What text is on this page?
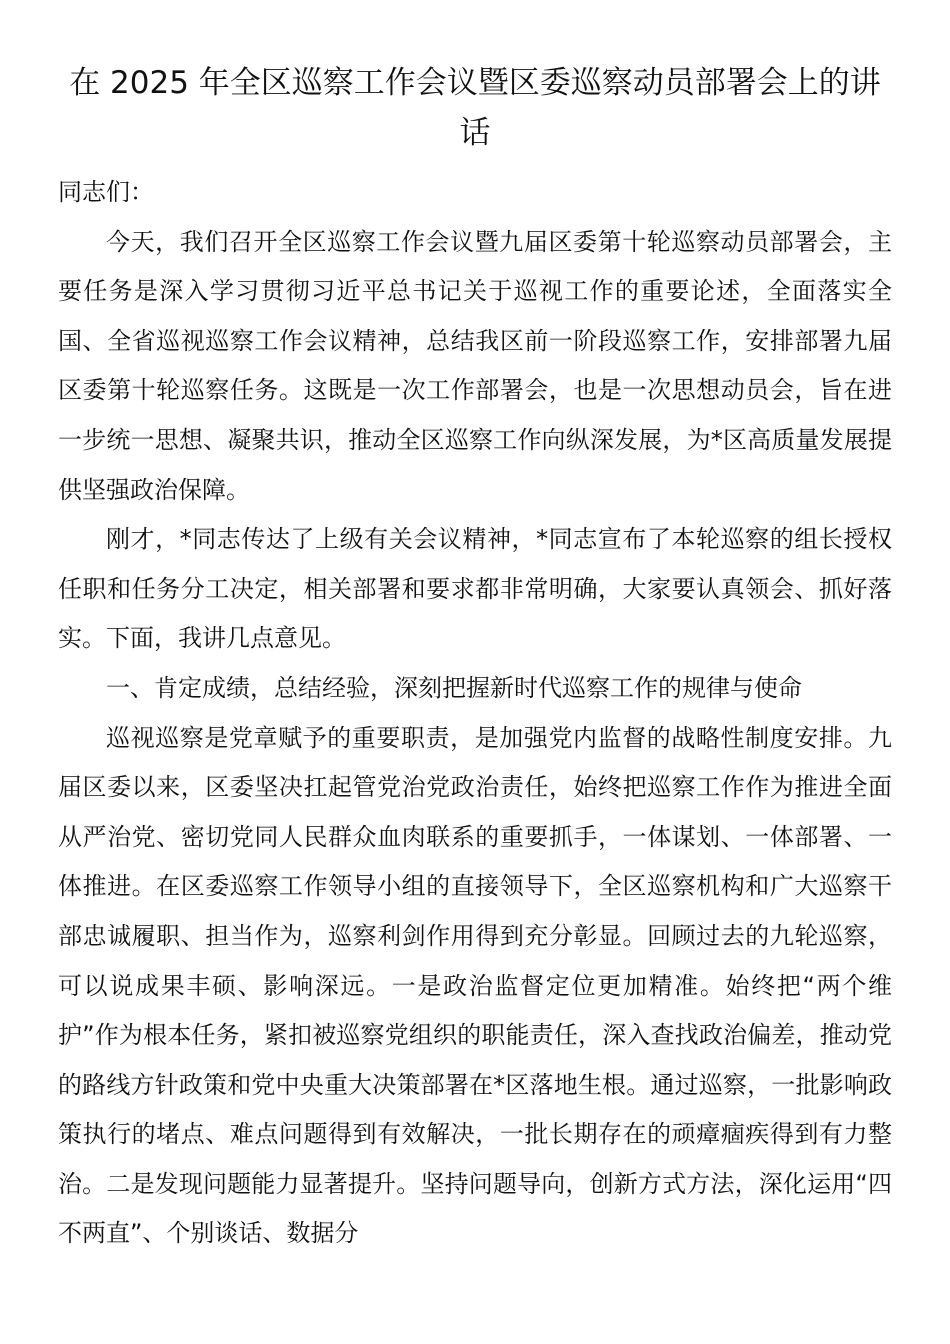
在 2025 年全区巡察工作会议暨区委巡察动员部署会上的讲话

同志们：

今天，我们召开全区巡察工作会议暨九届区委第十轮巡察动员部署会，主要任务是深入学习贯彻习近平总书记关于巡视工作的重要论述，全面落实全国、全省巡视巡察工作会议精神，总结我区前一阶段巡察工作，安排部署九届区委第十轮巡察任务。这既是一次工作部署会，也是一次思想动员会，旨在进一步统一思想、凝聚共识，推动全区巡察工作向纵深发展，为*区高质量发展提供坚强政治保障。

刚才，*同志传达了上级有关会议精神，*同志宣布了本轮巡察的组长授权任职和任务分工决定，相关部署和要求都非常明确，大家要认真领会、抓好落实。下面，我讲几点意见。

一、肯定成绩，总结经验，深刻把握新时代巡察工作的规律与使命

巡视巡察是党章赋予的重要职责，是加强党内监督的战略性制度安排。九届区委以来，区委坚决扛起管党治党政治责任，始终把巡察工作作为推进全面从严治党、密切党同人民群众血肉联系的重要抓手，一体谋划、一体部署、一体推进。在区委巡察工作领导小组的直接领导下，全区巡察机构和广大巡察干部忠诚履职、担当作为，巡察利剑作用得到充分彰显。回顾过去的九轮巡察，可以说成果丰硕、影响深远。一是政治监督定位更加精准。始终把“两个维护”作为根本任务，紧扣被巡察党组织的职能责任，深入查找政治偏差，推动党的路线方针政策和党中央重大决策部署在*区落地生根。通过巡察，一批影响政策执行的堵点、难点问题得到有效解决，一批长期存在的顽瘴痼疾得到有力整治。二是发现问题能力显著提升。坚持问题导向，创新方式方法，深化运用“四不两直”、个别谈话、数据分
